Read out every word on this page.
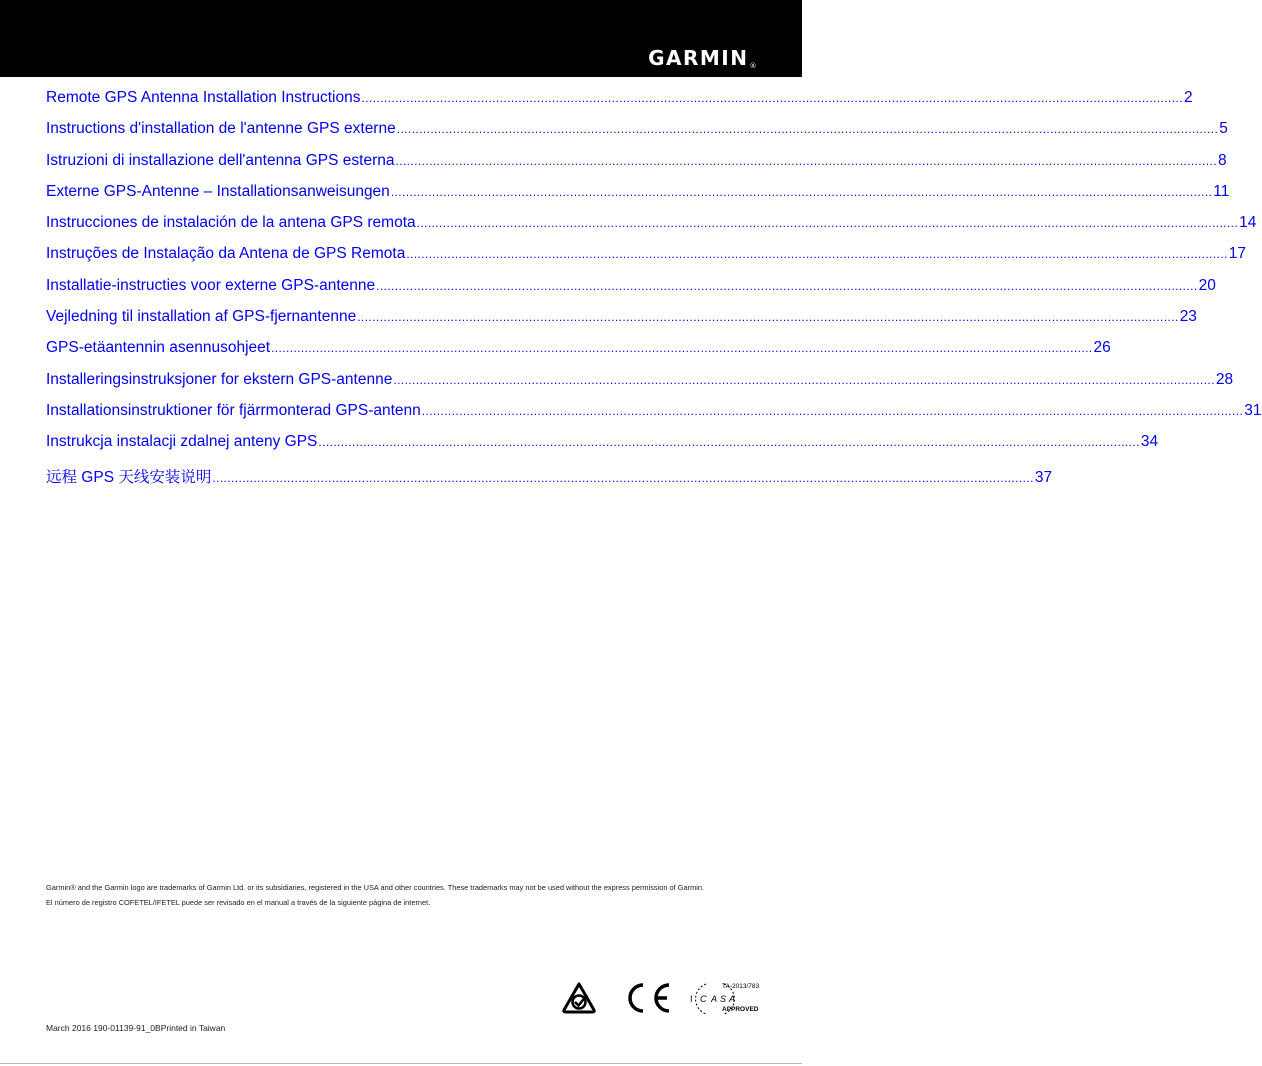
GARMIN®
Remote GPS Antenna Installation Instructions ............................................................................................................................................................................................................................ 2
Instructions d'installation de l'antenne GPS externe ............................................................................................................................................................................................................................ 5
Istruzioni di installazione dell'antenna GPS esterna ............................................................................................................................................................................................................................ 8
Externe GPS-Antenne – Installationsanweisungen ............................................................................................................................................................................................................................ 11
Instrucciones de instalación de la antena GPS remota ............................................................................................................................................................................................................................ 14
Instruções de Instalação da Antena de GPS Remota ............................................................................................................................................................................................................................ 17
Installatie-instructies voor externe GPS-antenne ............................................................................................................................................................................................................................ 20
Vejledning til installation af GPS-fjernantenne ............................................................................................................................................................................................................................ 23
GPS-etäantennin asennusohjeet ............................................................................................................................................................................................................................ 26
Installeringsinstruksjoner for ekstern GPS-antenne ............................................................................................................................................................................................................................ 28
Installationsinstruktioner för fjärrmonterad GPS-antenn ............................................................................................................................................................................................................................ 31
Instrukcja instalacji zdalnej anteny GPS ............................................................................................................................................................................................................................ 34
远程 GPS 天线安装说明 ............................................................................................................................................................................................................................ 37
Garmin® and the Garmin logo are trademarks of Garmin Ltd. or its subsidiaries, registered in the USA and other countries. These trademarks may not be used without the express permission of Garmin.
El número de registro COFETEL/IFETEL puede ser revisado en el manual a través de la siguiente página de internet.
I C A S A
TA-2013/783
APPROVED
March 2016 190-01139-91_0BPrinted in Taiwan
